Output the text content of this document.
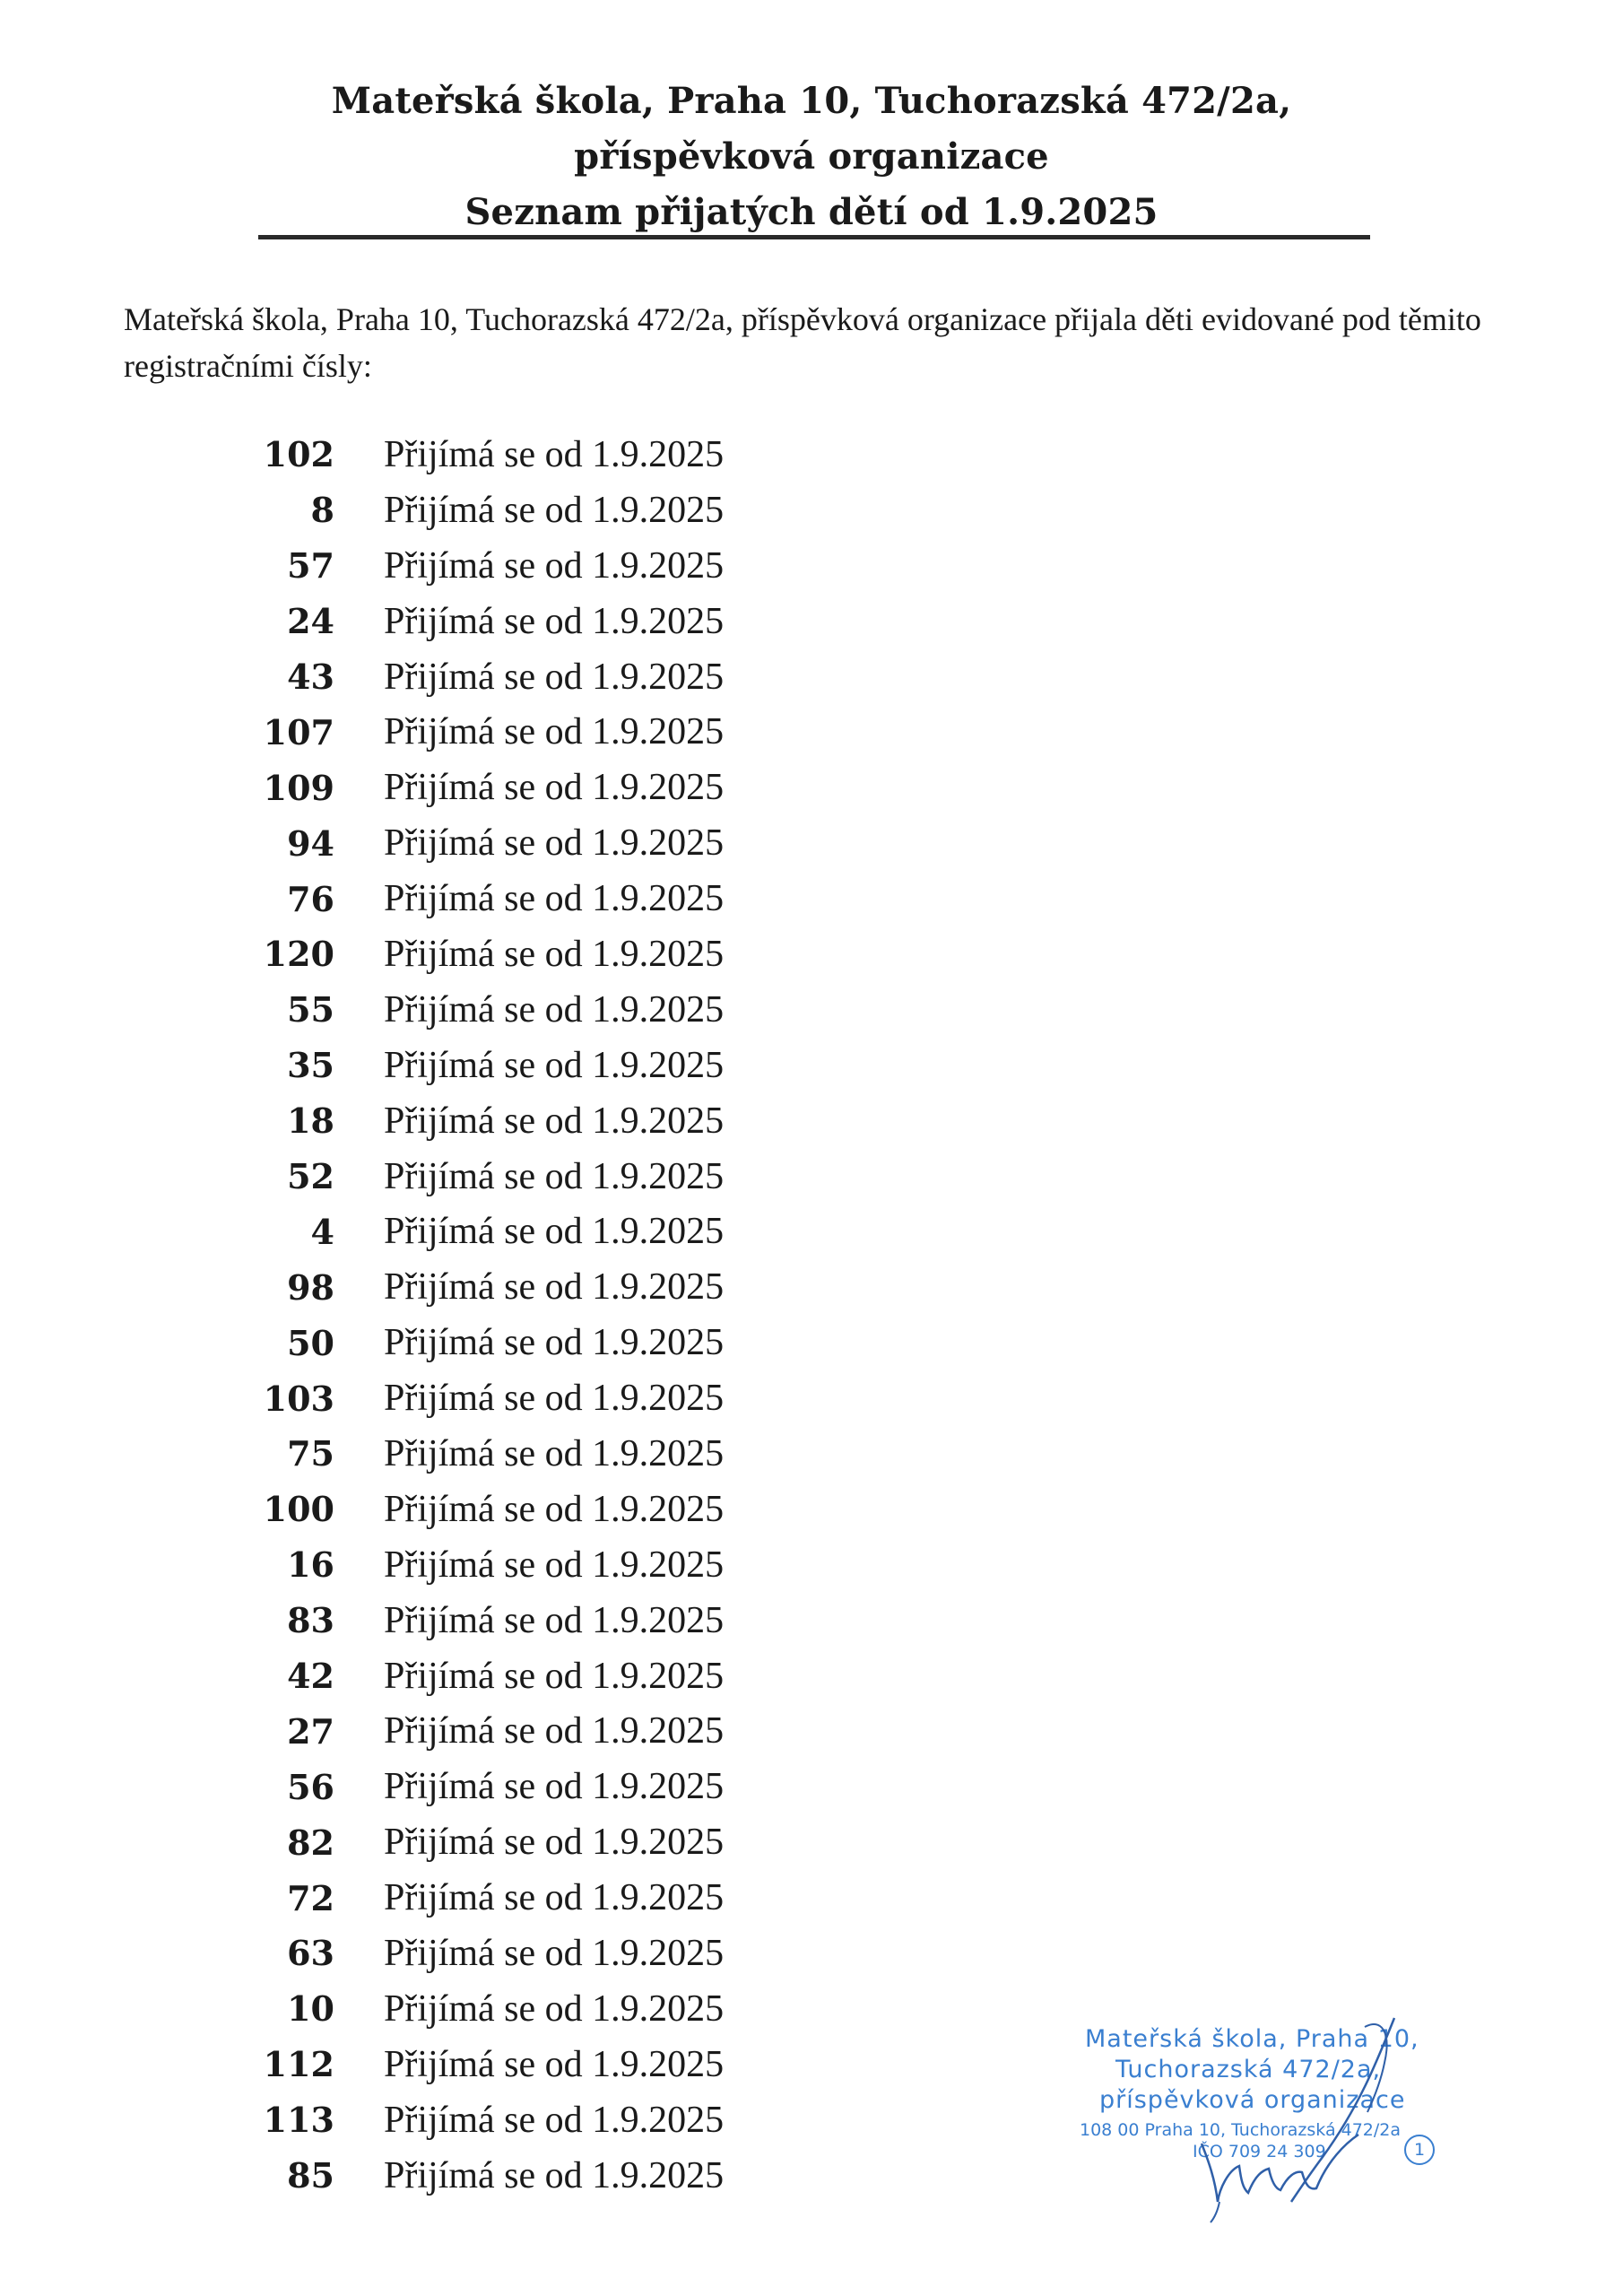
Mateřská škola, Praha 10, Tuchorazská 472/2a,
příspěvková organizace
Seznam přijatých dětí od 1.9.2025
Mateřská škola, Praha 10, Tuchorazská 472/2a, příspěvková organizace přijala děti evidované pod těmito registračními čísly:
102 Přijímá se od 1.9.2025
8 Přijímá se od 1.9.2025
57 Přijímá se od 1.9.2025
24 Přijímá se od 1.9.2025
43 Přijímá se od 1.9.2025
107 Přijímá se od 1.9.2025
109 Přijímá se od 1.9.2025
94 Přijímá se od 1.9.2025
76 Přijímá se od 1.9.2025
120 Přijímá se od 1.9.2025
55 Přijímá se od 1.9.2025
35 Přijímá se od 1.9.2025
18 Přijímá se od 1.9.2025
52 Přijímá se od 1.9.2025
4 Přijímá se od 1.9.2025
98 Přijímá se od 1.9.2025
50 Přijímá se od 1.9.2025
103 Přijímá se od 1.9.2025
75 Přijímá se od 1.9.2025
100 Přijímá se od 1.9.2025
16 Přijímá se od 1.9.2025
83 Přijímá se od 1.9.2025
42 Přijímá se od 1.9.2025
27 Přijímá se od 1.9.2025
56 Přijímá se od 1.9.2025
82 Přijímá se od 1.9.2025
72 Přijímá se od 1.9.2025
63 Přijímá se od 1.9.2025
10 Přijímá se od 1.9.2025
112 Přijímá se od 1.9.2025
113 Přijímá se od 1.9.2025
85 Přijímá se od 1.9.2025
Mateřská škola, Praha 10,
Tuchorazská 472/2a,
příspěvková organizace
108 00 Praha 10, Tuchorazská 472/2a
IČO 709 24 309	1
